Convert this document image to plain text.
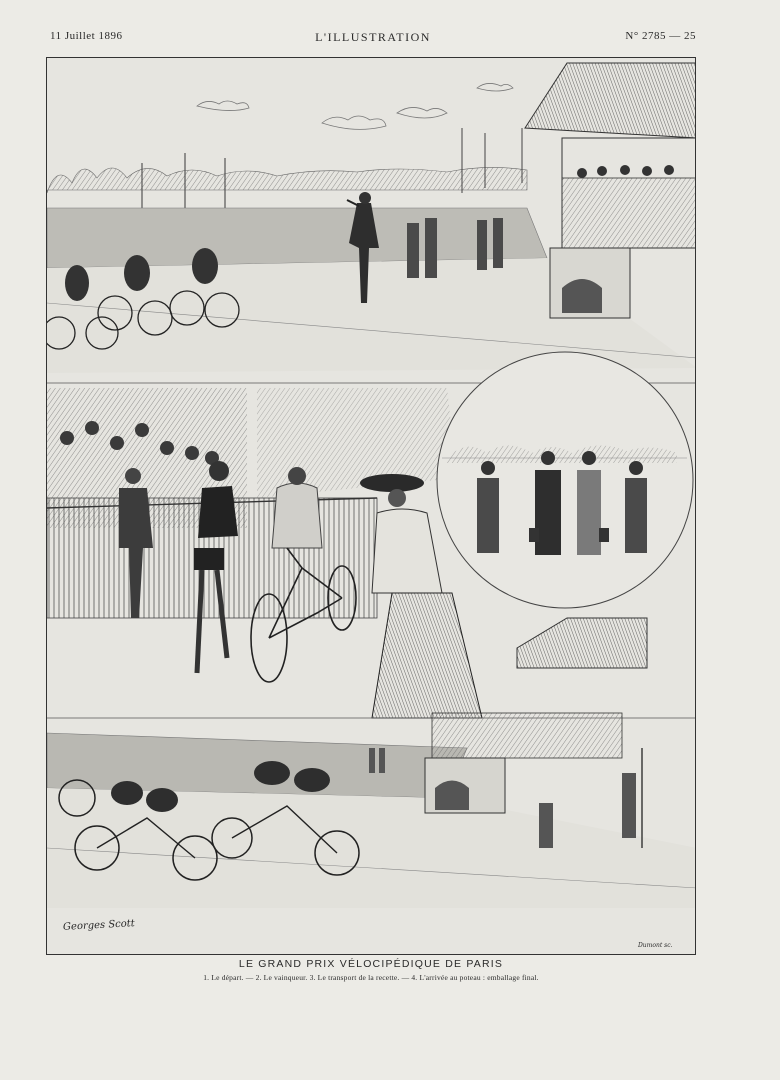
11 Juillet 1896	L'ILLUSTRATION	N° 2785 — 25
Georges Scott
Dumont sc.
LE GRAND PRIX VÉLOCIPÉDIQUE DE PARIS
1. Le départ. — 2. Le vainqueur. 3. Le transport de la recette. — 4. L'arrivée au poteau : emballage final.
